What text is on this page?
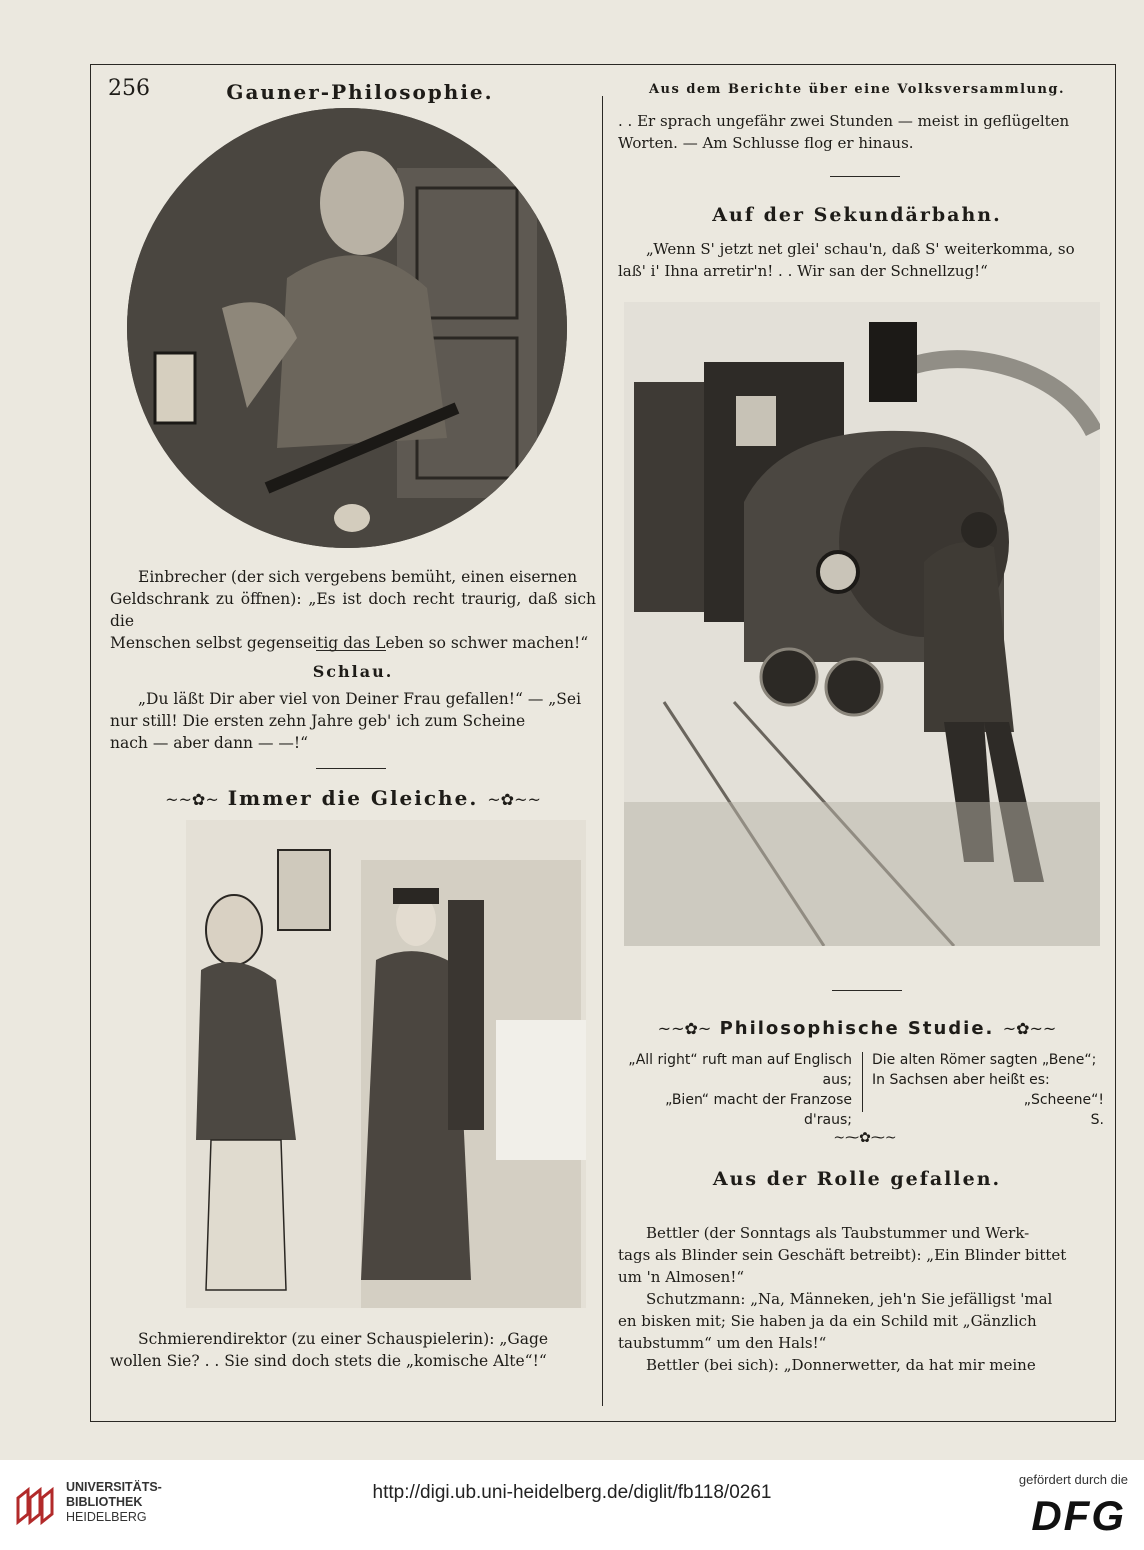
256	Gauner-Philosophie.	Aus dem Berichte über eine Volksversammlung.
. . Er sprach ungefähr zwei Stunden — meist in geflügelten
Worten. — Am Schlusse flog er hinaus.
Einbrecher (der sich vergebens bemüht, einen eisernen
Geldschrank zu öffnen): „Es ist doch recht traurig, daß sich die
Menschen selbst gegenseitig das Leben so schwer machen!“
Schlau.
„Du läßt Dir aber viel von Deiner Frau gefallen!“ — „Sei
nur still! Die ersten zehn Jahre geb' ich zum Scheine
nach — aber dann — —!“
~~✿~ Immer die Gleiche. ~✿~~
Schmierendirektor (zu einer Schauspielerin): „Gage
wollen Sie? . . Sie sind doch stets die „komische Alte“!“
Auf der Sekundärbahn.
„Wenn S' jetzt net glei' schau'n, daß S' weiterkomma, so
laß' i' Ihna arretir'n! . . Wir san der Schnellzug!“
~~✿~ Philosophische Studie. ~✿~~
„All right“ ruft man auf Englisch
aus;
„Bien“ macht der Franzose d'raus;
Die alten Römer sagten „Bene“;
In Sachsen aber heißt es:
„Scheene“!
S.
~⁓✿⁓~
Aus der Rolle gefallen.
Bettler (der Sonntags als Taubstummer und Werk-
tags als Blinder sein Geschäft betreibt): „Ein Blinder bittet
um 'n Almosen!“
Schutzmann: „Na, Männeken, jeh'n Sie jefälligst 'mal
en bisken mit; Sie haben ja da ein Schild mit „Gänzlich
taubstumm“ um den Hals!“
Bettler (bei sich): „Donnerwetter, da hat mir meine
UNIVERSITÄTS-
BIBLIOTHEK
HEIDELBERG
http://digi.ub.uni-heidelberg.de/diglit/fb118/0261
gefördert durch die
DFG
